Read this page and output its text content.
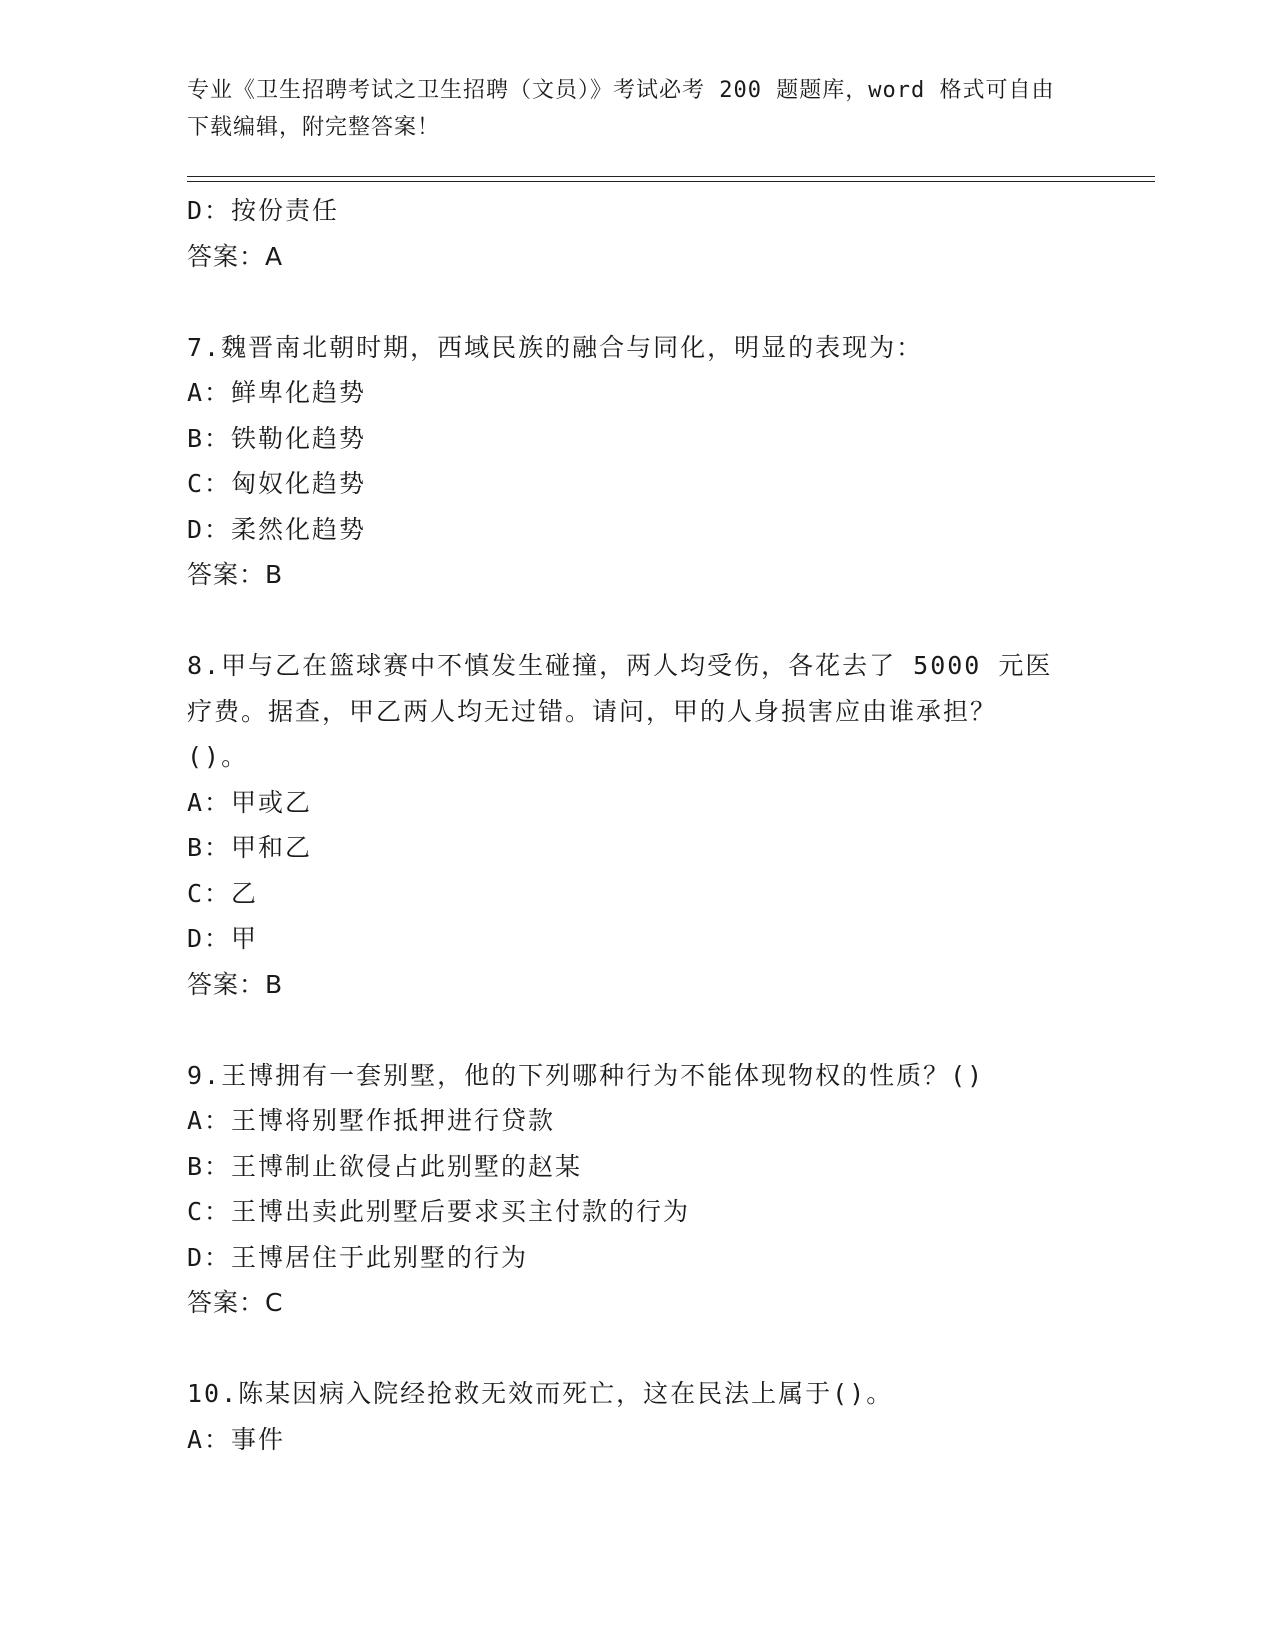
专业《卫生招聘考试之卫生招聘（文员）》考试必考 200 题题库，word 格式可自由下载编辑，附完整答案！
D：按份责任
答案：A
7.魏晋南北朝时期，西域民族的融合与同化，明显的表现为：
A：鲜卑化趋势
B：铁勒化趋势
C：匈奴化趋势
D：柔然化趋势
答案：B
8.甲与乙在篮球赛中不慎发生碰撞，两人均受伤，各花去了 5000 元医
疗费。据查，甲乙两人均无过错。请问，甲的人身损害应由谁承担？
()。
A：甲或乙
B：甲和乙
C：乙
D：甲
答案：B
9.王博拥有一套别墅，他的下列哪种行为不能体现物权的性质？()
A：王博将别墅作抵押进行贷款
B：王博制止欲侵占此别墅的赵某
C：王博出卖此别墅后要求买主付款的行为
D：王博居住于此别墅的行为
答案：C
10.陈某因病入院经抢救无效而死亡，这在民法上属于()。
A：事件
